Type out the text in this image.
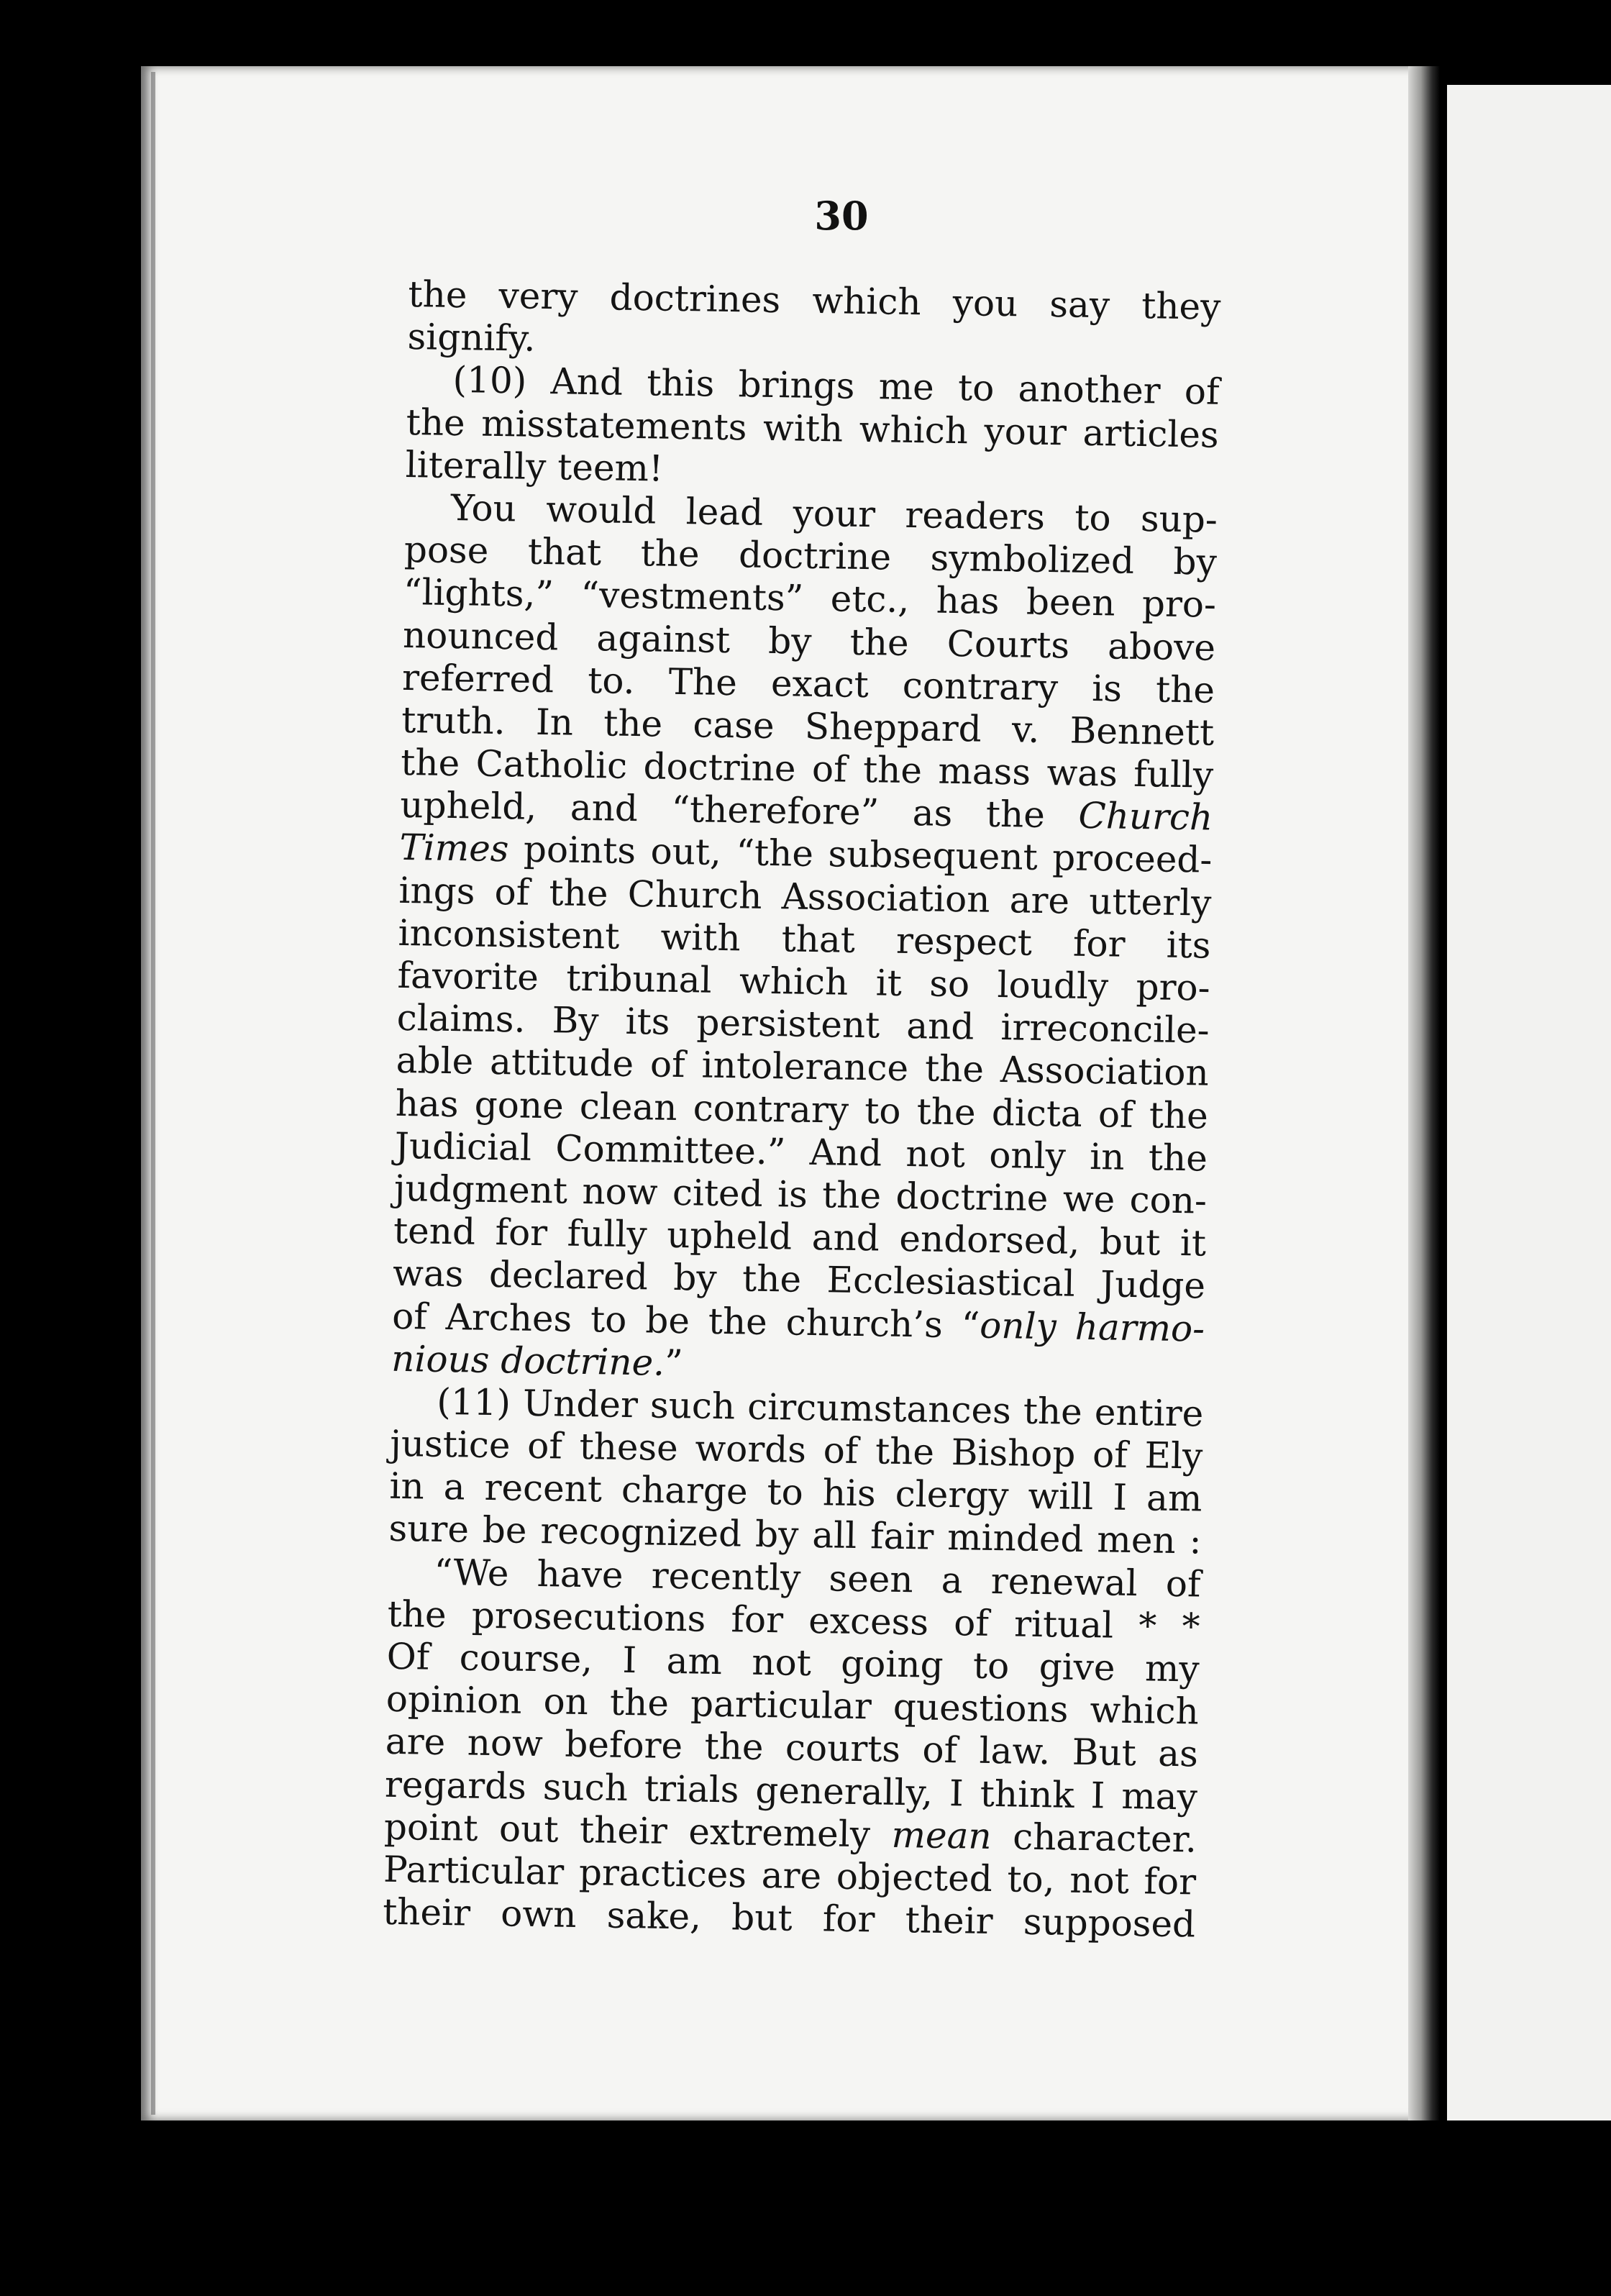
30
the very doctrines which you say they
signify.
(10) And this brings me to another of
the misstatements with which your articles
literally teem!
You would lead your readers to sup-
pose that the doctrine symbolized by
“lights,” “vestments” etc., has been pro-
nounced against by the Courts above
referred to. The exact contrary is the
truth. In the case Sheppard v. Bennett
the Catholic doctrine of the mass was fully
upheld, and “therefore” as the Church
Times points out, “the subsequent proceed-
ings of the Church Association are utterly
inconsistent with that respect for its
favorite tribunal which it so loudly pro-
claims. By its persistent and irreconcile-
able attitude of intolerance the Association
has gone clean contrary to the dicta of the
Judicial Committee.” And not only in the
judgment now cited is the doctrine we con-
tend for fully upheld and endorsed, but it
was declared by the Ecclesiastical Judge
of Arches to be the church’s “only harmo-
nious doctrine.”
(11) Under such circumstances the entire
justice of these words of the Bishop of Ely
in a recent charge to his clergy will I am
sure be recognized by all fair minded men :
“We have recently seen a renewal of
the prosecutions for excess of ritual * *
Of course, I am not going to give my
opinion on the particular questions which
are now before the courts of law. But as
regards such trials generally, I think I may
point out their extremely mean character.
Particular practices are objected to, not for
their own sake, but for their supposed
